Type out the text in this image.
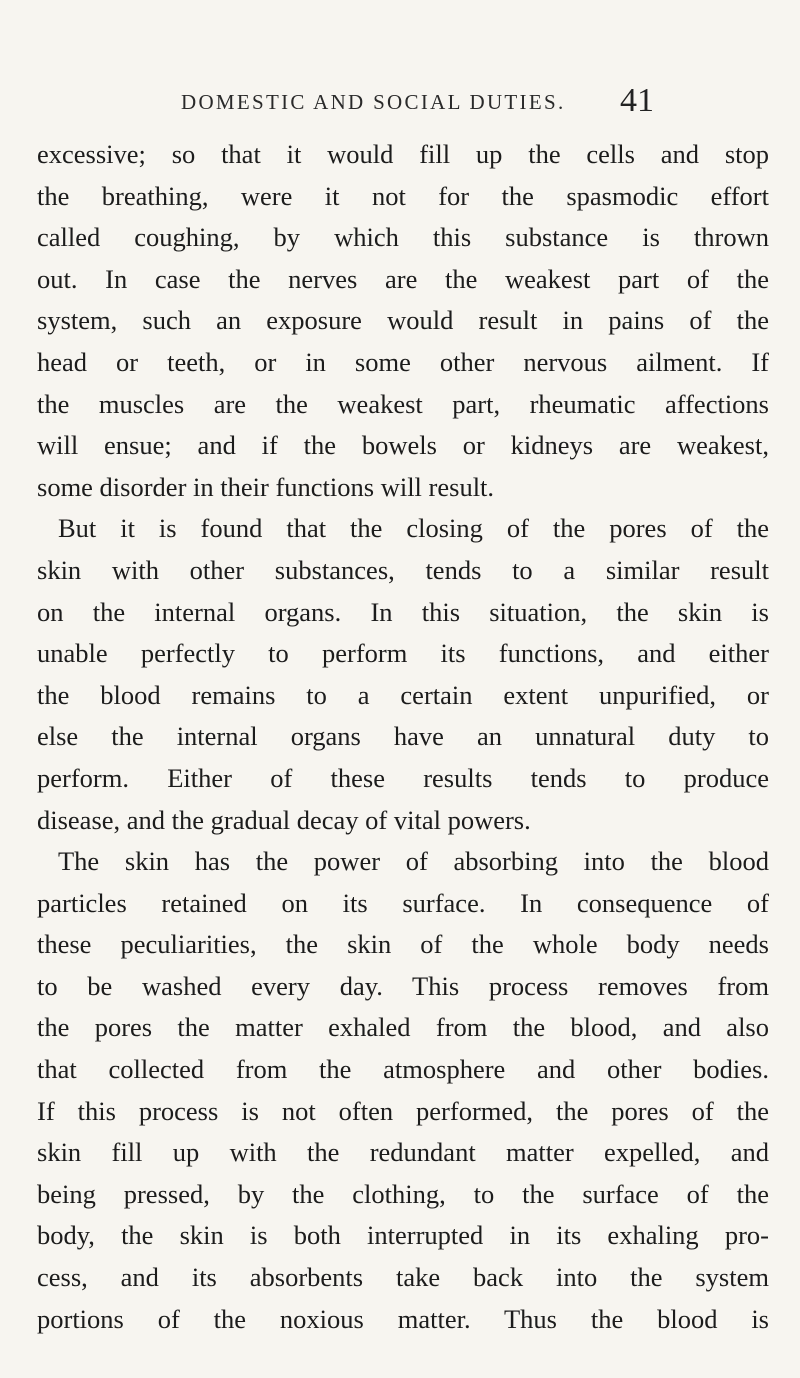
DOMESTIC AND SOCIAL DUTIES. 41
excessive; so that it would fill up the cells and stop
the breathing, were it not for the spasmodic effort
called coughing, by which this substance is thrown
out. In case the nerves are the weakest part of the
system, such an exposure would result in pains of the
head or teeth, or in some other nervous ailment. If
the muscles are the weakest part, rheumatic affections
will ensue; and if the bowels or kidneys are weakest,
some disorder in their functions will result.
But it is found that the closing of the pores of the
skin with other substances, tends to a similar result
on the internal organs. In this situation, the skin is
unable perfectly to perform its functions, and either
the blood remains to a certain extent unpurified, or
else the internal organs have an unnatural duty to
perform. Either of these results tends to produce
disease, and the gradual decay of vital powers.
The skin has the power of absorbing into the blood
particles retained on its surface. In consequence of
these peculiarities, the skin of the whole body needs
to be washed every day. This process removes from
the pores the matter exhaled from the blood, and also
that collected from the atmosphere and other bodies.
If this process is not often performed, the pores of the
skin fill up with the redundant matter expelled, and
being pressed, by the clothing, to the surface of the
body, the skin is both interrupted in its exhaling pro-
cess, and its absorbents take back into the system
portions of the noxious matter. Thus the blood is
